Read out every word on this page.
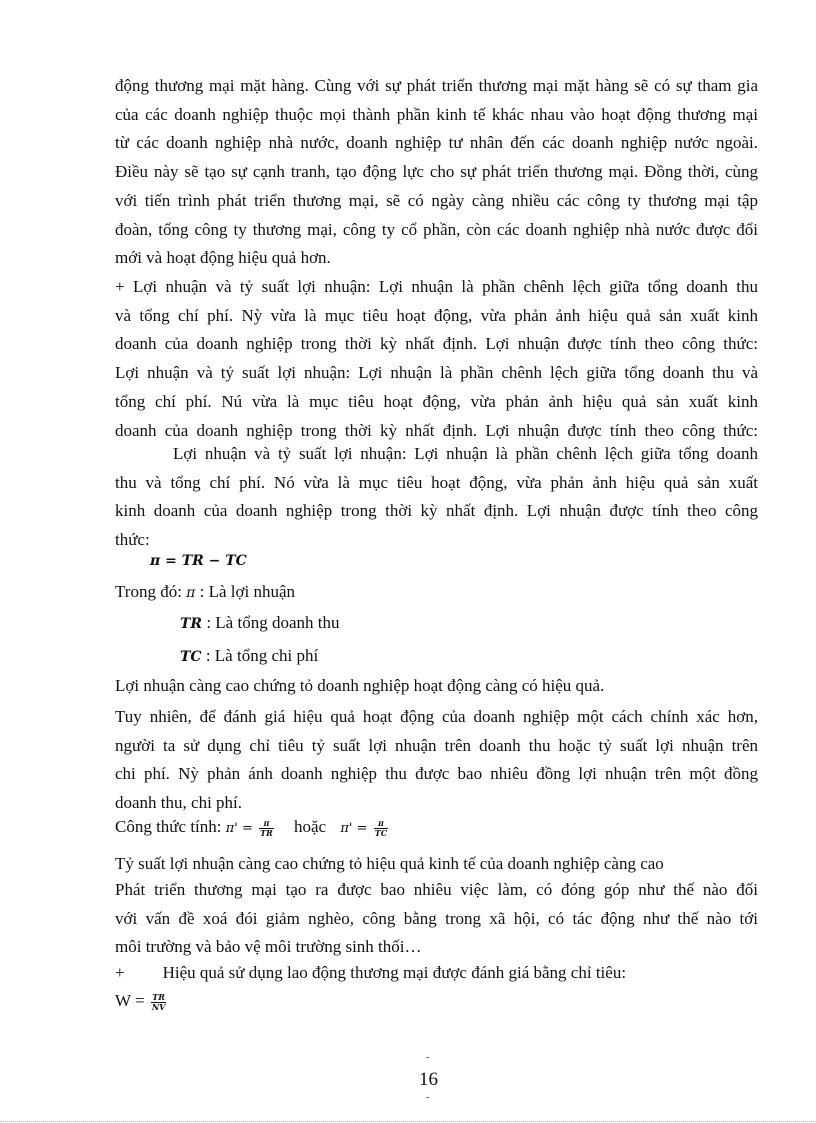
động thương mại mặt hàng. Cùng với sự phát triển thương mại mặt hàng sẽ có sự tham gia
của các doanh nghiệp thuộc mọi thành phần kinh tế khác nhau vào hoạt động thương mại
từ các doanh nghiệp nhà nước, doanh nghiệp tư nhân đến các doanh nghiệp nước ngoài.
Điều này sẽ tạo sự cạnh tranh, tạo động lực cho sự phát triển thương mại. Đồng thời, cùng
với tiến trình phát triển thương mại, sẽ có ngày càng nhiều các công ty thương mại tập
đoàn, tổng công ty thương mại, công ty cổ phần, còn các doanh nghiệp nhà nước được đổi
mới và hoạt động hiệu quả hơn.
+ Lợi nhuận và tỷ suất lợi nhuận: Lợi nhuận là phần chênh lệch giữa tổng doanh thu
và tổng chí phí. Nỳ vừa là mục tiêu hoạt động, vừa phản ảnh hiệu quả sản xuất kinh
doanh của doanh nghiệp trong thời kỳ nhất định. Lợi nhuận được tính theo công thức:
Lợi nhuận và tỷ suất lợi nhuận: Lợi nhuận là phần chênh lệch giữa tổng doanh thu và
tổng chí phí. Nú vừa là mục tiêu hoạt động, vừa phản ảnh hiệu quả sản xuất kinh
doanh của doanh nghiệp trong thời kỳ nhất định. Lợi nhuận được tính theo công thức:
Lợi nhuận và tỷ suất lợi nhuận: Lợi nhuận là phần chênh lệch giữa tổng doanh
thu và tổng chí phí. Nó vừa là mục tiêu hoạt động, vừa phản ảnh hiệu quả sản xuất
kinh doanh của doanh nghiệp trong thời kỳ nhất định. Lợi nhuận được tính theo công
thức:
π = TR − TC
Trong đó: π : Là lợi nhuận
TR : Là tổng doanh thu
TC : Là tổng chi phí
Lợi nhuận càng cao chứng tỏ doanh nghiệp hoạt động càng có hiệu quả.
Tuy nhiên, để đánh giá hiệu quả hoạt động của doanh nghiệp một cách chính xác hơn,
người ta sử dụng chỉ tiêu tỷ suất lợi nhuận trên doanh thu hoặc tỷ suất lợi nhuận trên
chi phí. Nỳ phản ánh doanh nghiệp thu được bao nhiêu đồng lợi nhuận trên một đồng
doanh thu, chi phí.
Công thức tính: $\pi' = \frac{\pi}{TR}$ hoặc $\pi' = \frac{\pi}{TC}$
Tỷ suất lợi nhuận càng cao chứng tỏ hiệu quả kinh tế của doanh nghiệp càng cao
Phát triển thương mại tạo ra được bao nhiêu việc làm, có đóng góp như thế nào đối
với vấn đề xoá đói giảm nghèo, công bằng trong xã hội, có tác động như thế nào tới
môi trường và bảo vệ môi trường sinh thối…
+ Hiệu quả sử dụng lao động thương mại được đánh giá bằng chỉ tiêu:
$W = \frac{TR}{NV}$
-
16
-
